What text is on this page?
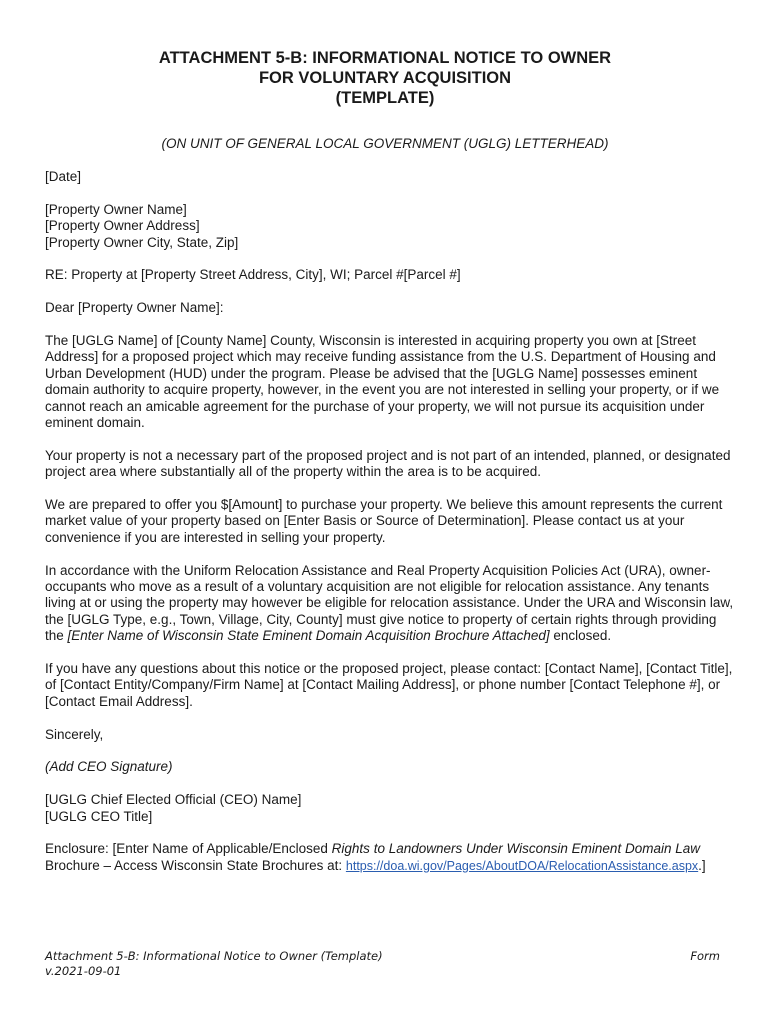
ATTACHMENT 5-B: INFORMATIONAL NOTICE TO OWNER
FOR VOLUNTARY ACQUISITION
(TEMPLATE)
(ON UNIT OF GENERAL LOCAL GOVERNMENT (UGLG) LETTERHEAD)

[Date]

[Property Owner Name]
[Property Owner Address]
[Property Owner City, State, Zip]

RE: Property at [Property Street Address, City], WI; Parcel #[Parcel #]

Dear [Property Owner Name]:

The [UGLG Name] of [County Name] County, Wisconsin is interested in acquiring property you own at [Street Address] for a proposed project which may receive funding assistance from the U.S. Department of Housing and Urban Development (HUD) under the program. Please be advised that the [UGLG Name] possesses eminent domain authority to acquire property, however, in the event you are not interested in selling your property, or if we cannot reach an amicable agreement for the purchase of your property, we will not pursue its acquisition under eminent domain.

Your property is not a necessary part of the proposed project and is not part of an intended, planned, or designated project area where substantially all of the property within the area is to be acquired.

We are prepared to offer you $[Amount] to purchase your property. We believe this amount represents the current market value of your property based on [Enter Basis or Source of Determination]. Please contact us at your convenience if you are interested in selling your property.

In accordance with the Uniform Relocation Assistance and Real Property Acquisition Policies Act (URA), owner-occupants who move as a result of a voluntary acquisition are not eligible for relocation assistance. Any tenants living at or using the property may however be eligible for relocation assistance. Under the URA and Wisconsin law, the [UGLG Type, e.g., Town, Village, City, County] must give notice to property of certain rights through providing the [Enter Name of Wisconsin State Eminent Domain Acquisition Brochure Attached] enclosed.

If you have any questions about this notice or the proposed project, please contact: [Contact Name], [Contact Title], of [Contact Entity/Company/Firm Name] at [Contact Mailing Address], or phone number [Contact Telephone #], or [Contact Email Address].

Sincerely,

(Add CEO Signature)

[UGLG Chief Elected Official (CEO) Name]
[UGLG CEO Title]

Enclosure: [Enter Name of Applicable/Enclosed Rights to Landowners Under Wisconsin Eminent Domain Law Brochure – Access Wisconsin State Brochures at: https://doa.wi.gov/Pages/AboutDOA/RelocationAssistance.aspx.]

Attachment 5-B: Informational Notice to Owner (Template)
v.2021-09-01
Form
